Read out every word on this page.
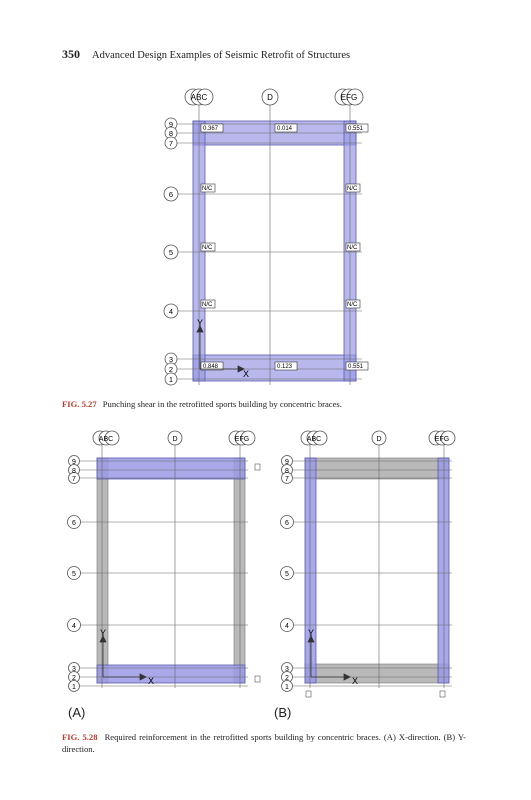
350 Advanced Design Examples of Seismic Retrofit of Structures
ABC	D	EFG
9
8
7
6
5
4
3
2
1
0.367	0.014	0.551
N/C	N/C
N/C	N/C
N/C	N/C
0.848	0.123	0.551
X
Y
FIG. 5.27 Punching shear in the retrofitted sports building by concentric braces.
ABC	D	EFG
9
8
7
6
5
4
3
2
1
X
Y
ABC	D	EFG
9
8
7
6
5
4
3
2
1
X
Y
(A)	(B)
FIG. 5.28 Required reinforcement in the retrofitted sports building by concentric braces. (A) X-direction. (B) Y-direction.
